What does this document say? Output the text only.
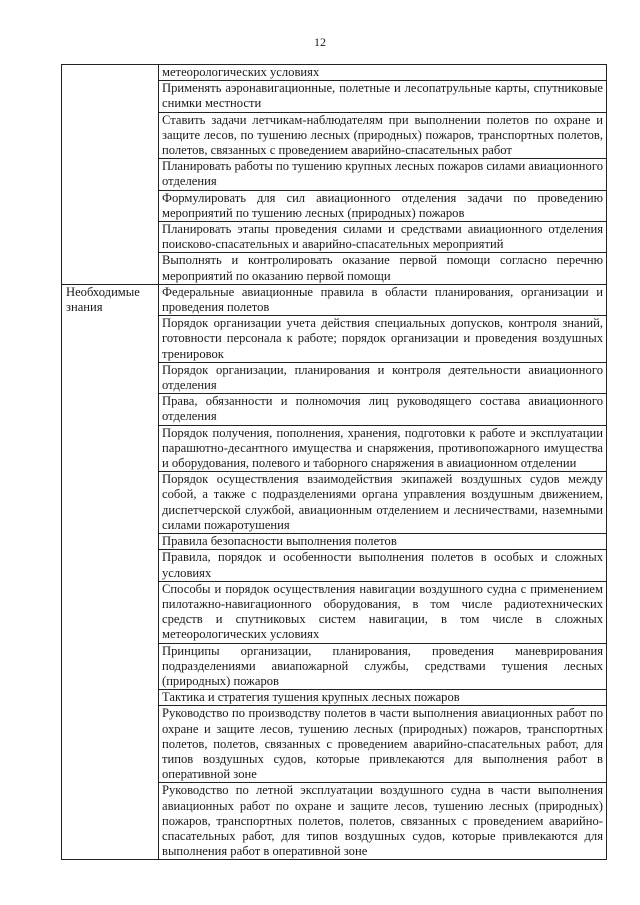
12
	метеорологических условиях
	Применять аэронавигационные, полетные и лесопатрульные карты, спутниковые снимки местности
	Ставить задачи летчикам-наблюдателям при выполнении полетов по охране и защите лесов, по тушению лесных (природных) пожаров, транспортных полетов, полетов, связанных с проведением аварийно-спасательных работ
	Планировать работы по тушению крупных лесных пожаров силами авиационного отделения
	Формулировать для сил авиационного отделения задачи по проведению мероприятий по тушению лесных (природных) пожаров
	Планировать этапы проведения силами и средствами авиационного отделения поисково-спасательных и аварийно-спасательных мероприятий
	Выполнять и контролировать оказание первой помощи согласно перечню мероприятий по оказанию первой помощи
Необходимые знания	Федеральные авиационные правила в области планирования, организации и проведения полетов
	Порядок организации учета действия специальных допусков, контроля знаний, готовности персонала к работе; порядок организации и проведения воздушных тренировок
	Порядок организации, планирования и контроля деятельности авиационного отделения
	Права, обязанности и полномочия лиц руководящего состава авиационного отделения
	Порядок получения, пополнения, хранения, подготовки к работе и эксплуатации парашютно-десантного имущества и снаряжения, противопожарного имущества и оборудования, полевого и таборного снаряжения в авиационном отделении
	Порядок осуществления взаимодействия экипажей воздушных судов между собой, а также с подразделениями органа управления воздушным движением, диспетчерской службой, авиационным отделением и лесничествами, наземными силами пожаротушения
	Правила безопасности выполнения полетов
	Правила, порядок и особенности выполнения полетов в особых и сложных условиях
	Способы и порядок осуществления навигации воздушного судна с применением пилотажно-навигационного оборудования, в том числе радиотехнических средств и спутниковых систем навигации, в том числе в сложных метеорологических условиях
	Принципы организации, планирования, проведения маневрирования подразделениями авиапожарной службы, средствами тушения лесных (природных) пожаров
	Тактика и стратегия тушения крупных лесных пожаров
	Руководство по производству полетов в части выполнения авиационных работ по охране и защите лесов, тушению лесных (природных) пожаров, транспортных полетов, полетов, связанных с проведением аварийно-спасательных работ, для типов воздушных судов, которые привлекаются для выполнения работ в оперативной зоне
	Руководство по летной эксплуатации воздушного судна в части выполнения авиационных работ по охране и защите лесов, тушению лесных (природных) пожаров, транспортных полетов, полетов, связанных с проведением аварийно-спасательных работ, для типов воздушных судов, которые привлекаются для выполнения работ в оперативной зоне
